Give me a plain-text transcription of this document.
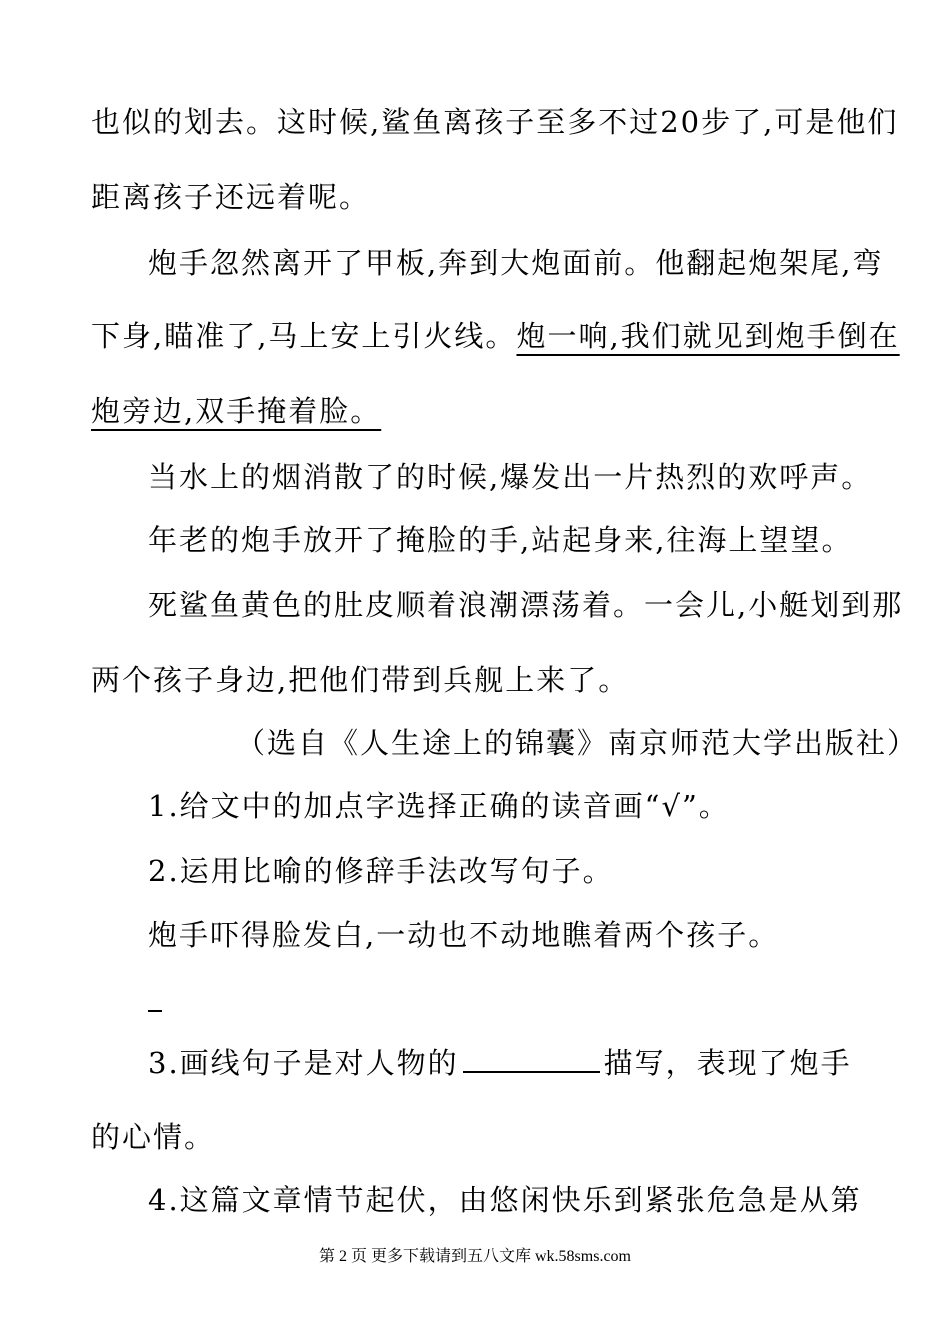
也似的划去。这时候,鲨鱼离孩子至多不过20步了,可是他们
距离孩子还远着呢。
炮手忽然离开了甲板,奔到大炮面前。他翻起炮架尾,弯
下身,瞄准了,马上安上引火线。炮一响,我们就见到炮手倒在
炮旁边,双手掩着脸。
当水上的烟消散了的时候,爆发出一片热烈的欢呼声。
年老的炮手放开了掩脸的手,站起身来,往海上望望。
死鲨鱼黄色的肚皮顺着浪潮漂荡着。一会儿,小艇划到那
两个孩子身边,把他们带到兵舰上来了。
（选自《人生途上的锦囊》南京师范大学出版社）
1.给文中的加点字选择正确的读音画“√”。
2.运用比喻的修辞手法改写句子。
炮手吓得脸发白,一动也不动地瞧着两个孩子。
3.画线句子是对人物的	描写，表现了炮手
的心情。
4.这篇文章情节起伏，由悠闲快乐到紧张危急是从第
第 2 页 更多下载请到五八文库 wk.58sms.com
